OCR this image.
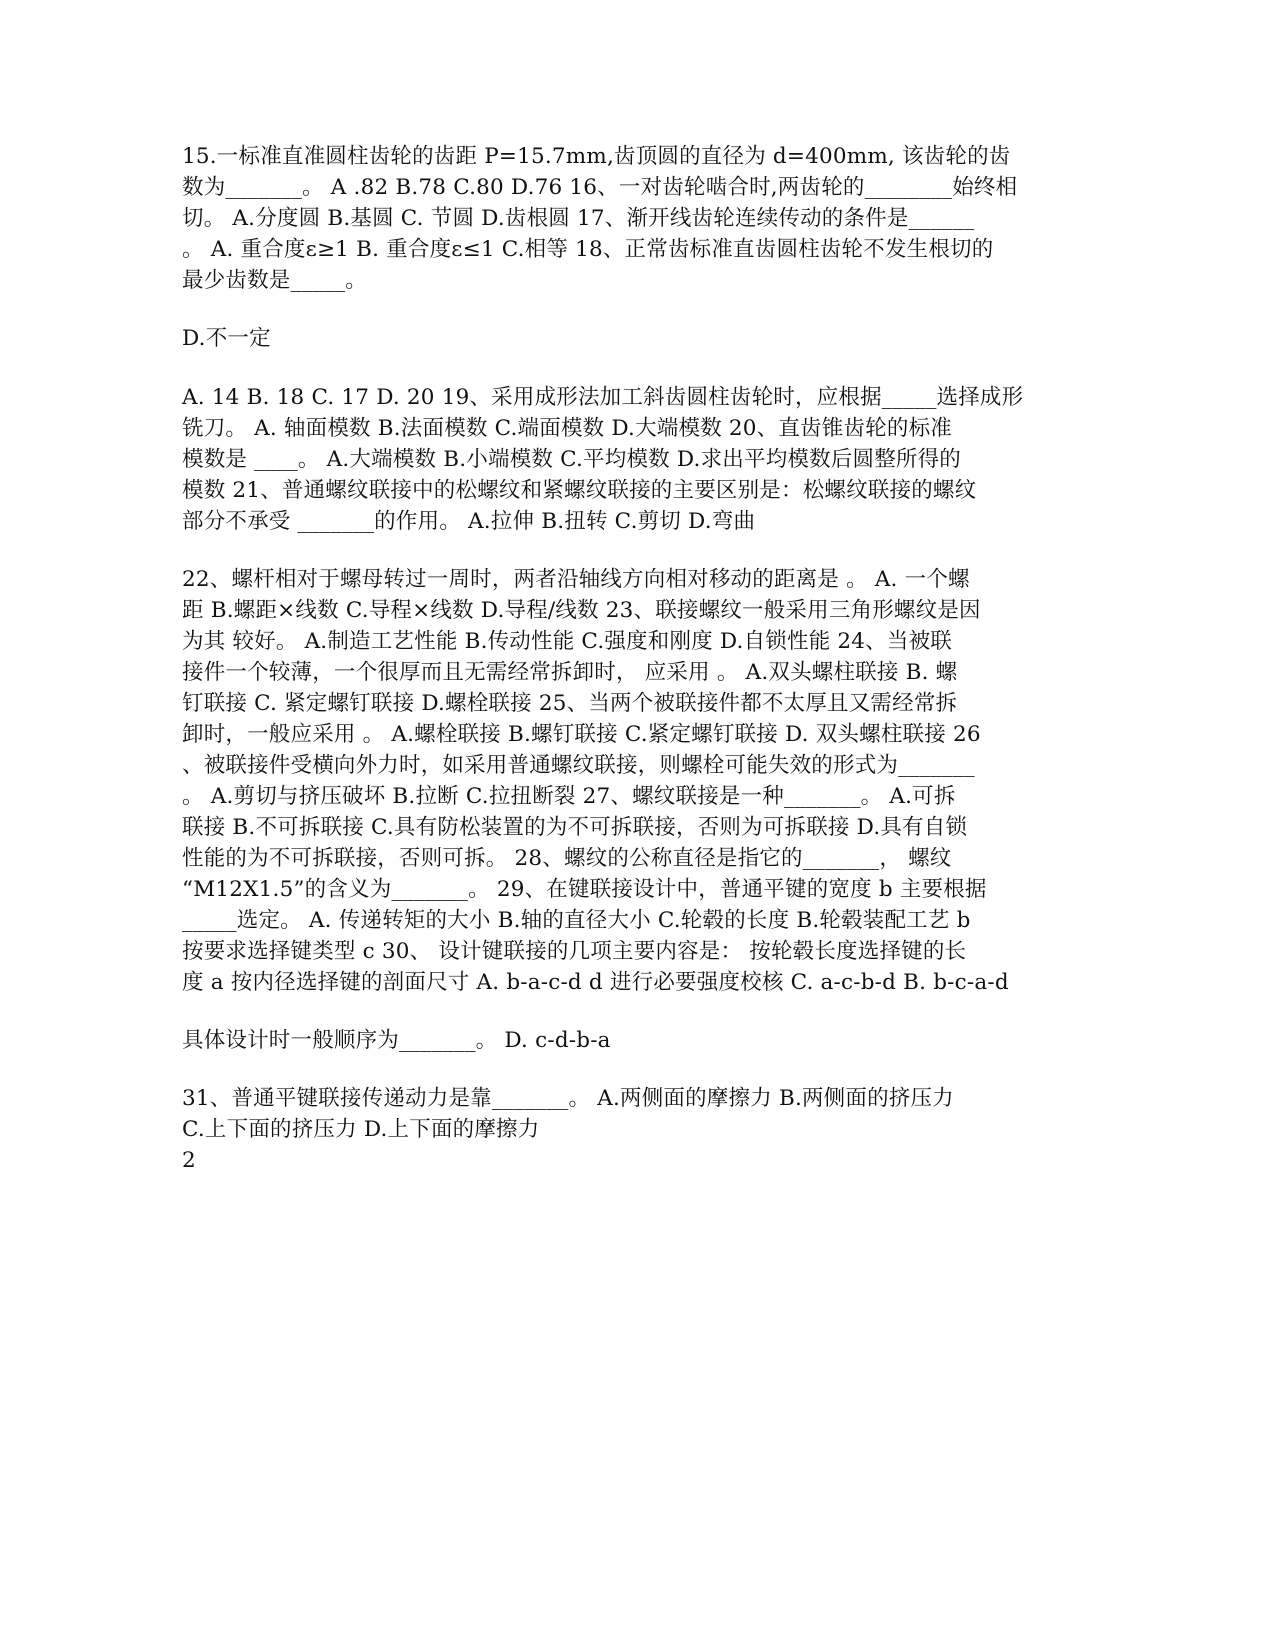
15.一标准直准圆柱齿轮的齿距 P=15.7mm,齿顶圆的直径为 d=400mm, 该齿轮的齿
数为_______。 A .82 B.78 C.80 D.76 16、一对齿轮啮合时,两齿轮的________始终相
切。 A.分度圆 B.基圆 C. 节圆 D.齿根圆 17、渐开线齿轮连续传动的条件是______
。 A. 重合度ε≥1 B. 重合度ε≤1 C.相等 18、正常齿标准直齿圆柱齿轮不发生根切的
最少齿数是_____。
D.不一定
A. 14 B. 18 C. 17 D. 20 19、采用成形法加工斜齿圆柱齿轮时，应根据_____选择成形
铣刀。 A. 轴面模数 B.法面模数 C.端面模数 D.大端模数 20、直齿锥齿轮的标准
模数是 ____。 A.大端模数 B.小端模数 C.平均模数 D.求出平均模数后圆整所得的
模数 21、普通螺纹联接中的松螺纹和紧螺纹联接的主要区别是：松螺纹联接的螺纹
部分不承受 _______的作用。 A.拉伸 B.扭转 C.剪切 D.弯曲
22、螺杆相对于螺母转过一周时，两者沿轴线方向相对移动的距离是 。 A. 一个螺
距 B.螺距×线数 C.导程×线数 D.导程/线数 23、联接螺纹一般采用三角形螺纹是因
为其 较好。 A.制造工艺性能 B.传动性能 C.强度和刚度 D.自锁性能 24、当被联
接件一个较薄，一个很厚而且无需经常拆卸时， 应采用 。 A.双头螺柱联接 B. 螺
钉联接 C. 紧定螺钉联接 D.螺栓联接 25、当两个被联接件都不太厚且又需经常拆
卸时，一般应采用 。 A.螺栓联接 B.螺钉联接 C.紧定螺钉联接 D. 双头螺柱联接 26
、被联接件受横向外力时，如采用普通螺纹联接，则螺栓可能失效的形式为_______
。 A.剪切与挤压破坏 B.拉断 C.拉扭断裂 27、螺纹联接是一种_______。 A.可拆
联接 B.不可拆联接 C.具有防松装置的为不可拆联接，否则为可拆联接 D.具有自锁
性能的为不可拆联接，否则可拆。 28、螺纹的公称直径是指它的_______， 螺纹
“M12X1.5”的含义为_______。 29、在键联接设计中，普通平键的宽度 b 主要根据
_____选定。 A. 传递转矩的大小 B.轴的直径大小 C.轮毂的长度 B.轮毂装配工艺 b
按要求选择键类型 c 30、 设计键联接的几项主要内容是： 按轮毂长度选择键的长
度 a 按内径选择键的剖面尺寸 A. b-a-c-d d 进行必要强度校核 C. a-c-b-d B. b-c-a-d
具体设计时一般顺序为_______。 D. c-d-b-a
31、普通平键联接传递动力是靠_______。 A.两侧面的摩擦力 B.两侧面的挤压力
C.上下面的挤压力 D.上下面的摩擦力
2
